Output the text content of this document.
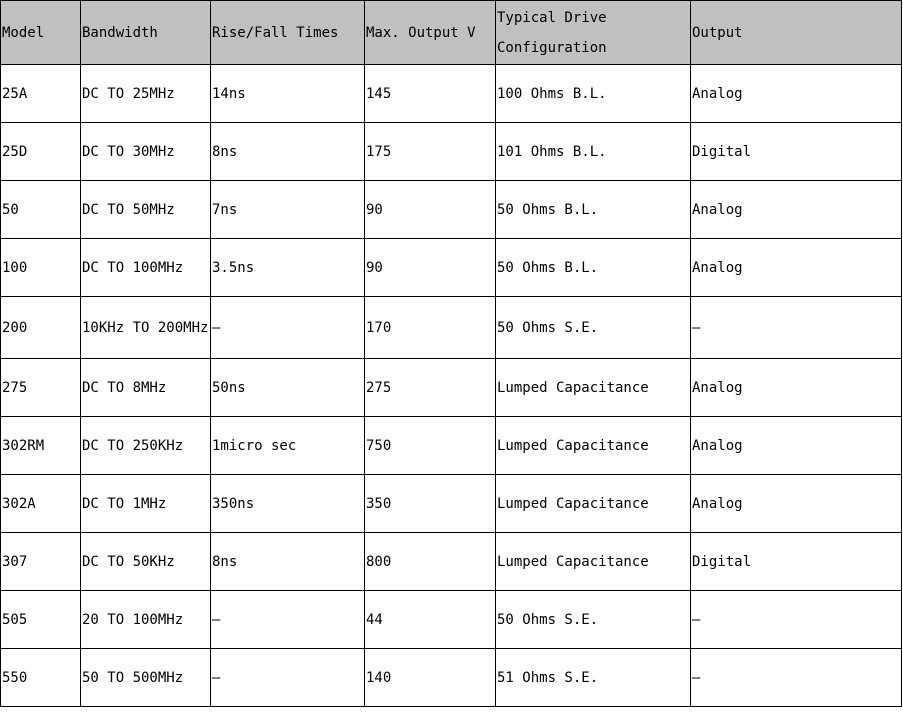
Model	Bandwidth	Rise/Fall Times	Max. Output V	Typical Drive Configuration	Output
25A	DC TO 25MHz	14ns	145	100 Ohms B.L.	Analog
25D	DC TO 30MHz	8ns	175	101 Ohms B.L.	Digital
50	DC TO 50MHz	7ns	90	50 Ohms B.L.	Analog
100	DC TO 100MHz	3.5ns	90	50 Ohms B.L.	Analog
200	10KHz TO 200MHz	—	170	50 Ohms S.E.	—
275	DC TO 8MHz	50ns	275	Lumped Capacitance	Analog
302RM	DC TO 250KHz	1micro sec	750	Lumped Capacitance	Analog
302A	DC TO 1MHz	350ns	350	Lumped Capacitance	Analog
307	DC TO 50KHz	8ns	800	Lumped Capacitance	Digital
505	20 TO 100MHz	—	44	50 Ohms S.E.	—
550	50 TO 500MHz	—	140	51 Ohms S.E.	—
